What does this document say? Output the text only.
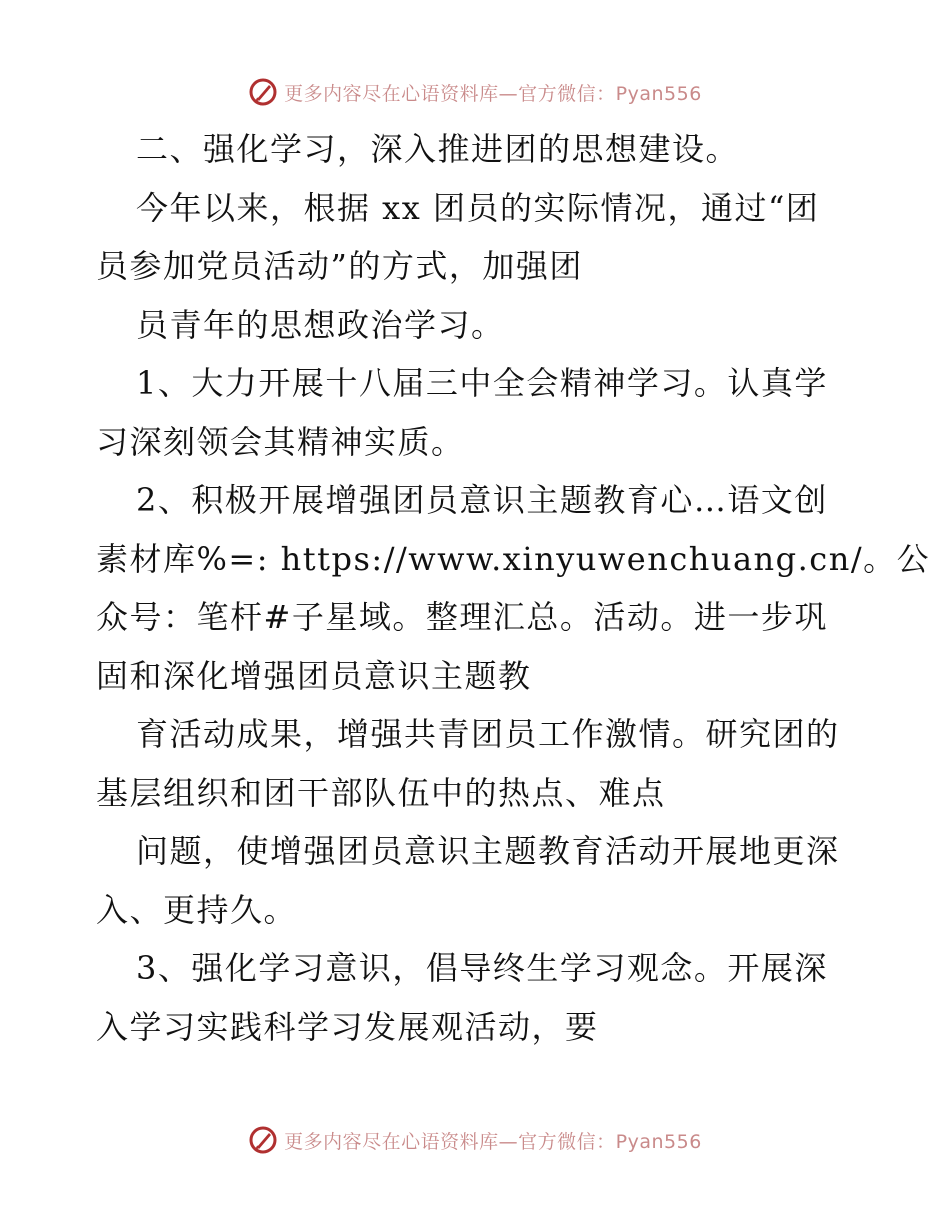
更多内容尽在心语资料库—官方微信：Pyan556

二、强化学习，深入推进团的思想建设。

今年以来，根据 xx 团员的实际情况，通过“团

员参加党员活动”的方式，加强团

员青年的思想政治学习。

1、大力开展十八届三中全会精神学习。认真学

习深刻领会其精神实质。

2、积极开展增强团员意识主题教育心…语文创

素材库%=: https://www.xinyuwenchuang.cn/。公

众号：笔杆#子星域。整理汇总。活动。进一步巩

固和深化增强团员意识主题教

育活动成果，增强共青团员工作激情。研究团的

基层组织和团干部队伍中的热点、难点

问题，使增强团员意识主题教育活动开展地更深

入、更持久。

3、强化学习意识，倡导终生学习观念。开展深

入学习实践科学习发展观活动，要

更多内容尽在心语资料库—官方微信：Pyan556
